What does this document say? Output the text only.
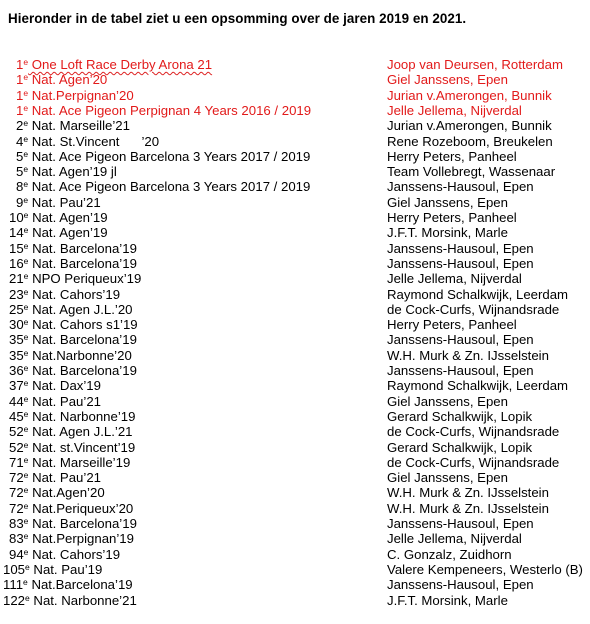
Hieronder in de tabel ziet u een opsomming over de jaren 2019 en 2021.
1e One Loft Race Derby Arona 21	Joop van Deursen, Rotterdam
1e Nat. Agen’20	Giel Janssens, Epen
1e Nat.Perpignan’20	Jurian v.Amerongen, Bunnik
1e Nat. Ace Pigeon Perpignan 4 Years 2016 / 2019	Jelle Jellema, Nijverdal
2e Nat. Marseille’21	Jurian v.Amerongen, Bunnik
4e Nat. St.Vincent      ’20	Rene Rozeboom, Breukelen
5e Nat. Ace Pigeon Barcelona 3 Years 2017 / 2019	Herry Peters, Panheel
5e Nat. Agen’19 jl	Team Vollebregt, Wassenaar
8e Nat. Ace Pigeon Barcelona 3 Years 2017 / 2019	Janssens-Hausoul, Epen
9e Nat. Pau’21	Giel Janssens, Epen
10e Nat. Agen’19	Herry Peters, Panheel
14e Nat. Agen’19	J.F.T. Morsink, Marle
15e Nat. Barcelona’19	Janssens-Hausoul, Epen
16e Nat. Barcelona’19	Janssens-Hausoul, Epen
21e NPO Periqueux’19	Jelle Jellema, Nijverdal
23e Nat. Cahors’19	Raymond Schalkwijk, Leerdam
25e Nat. Agen J.L.’20	de Cock-Curfs, Wijnandsrade
30e Nat. Cahors s1’19	Herry Peters, Panheel
35e Nat. Barcelona’19	Janssens-Hausoul, Epen
35e Nat.Narbonne’20	W.H. Murk & Zn. IJsselstein
36e Nat. Barcelona’19	Janssens-Hausoul, Epen
37e Nat. Dax’19	Raymond Schalkwijk, Leerdam
44e Nat. Pau’21	Giel Janssens, Epen
45e Nat. Narbonne’19	Gerard Schalkwijk, Lopik
52e Nat. Agen J.L.’21	de Cock-Curfs, Wijnandsrade
52e Nat. st.Vincent’19	Gerard Schalkwijk, Lopik
71e Nat. Marseille’19	de Cock-Curfs, Wijnandsrade
72e Nat. Pau’21	Giel Janssens, Epen
72e Nat.Agen’20	W.H. Murk & Zn. IJsselstein
72e Nat.Periqueux’20	W.H. Murk & Zn. IJsselstein
83e Nat. Barcelona’19	Janssens-Hausoul, Epen
83e Nat.Perpignan’19	Jelle Jellema, Nijverdal
94e Nat. Cahors’19	C. Gonzalz, Zuidhorn
105e Nat. Pau’19	Valere Kempeneers, Westerlo (B)
111e Nat.Barcelona’19	Janssens-Hausoul, Epen
122e Nat. Narbonne’21	J.F.T. Morsink, Marle
